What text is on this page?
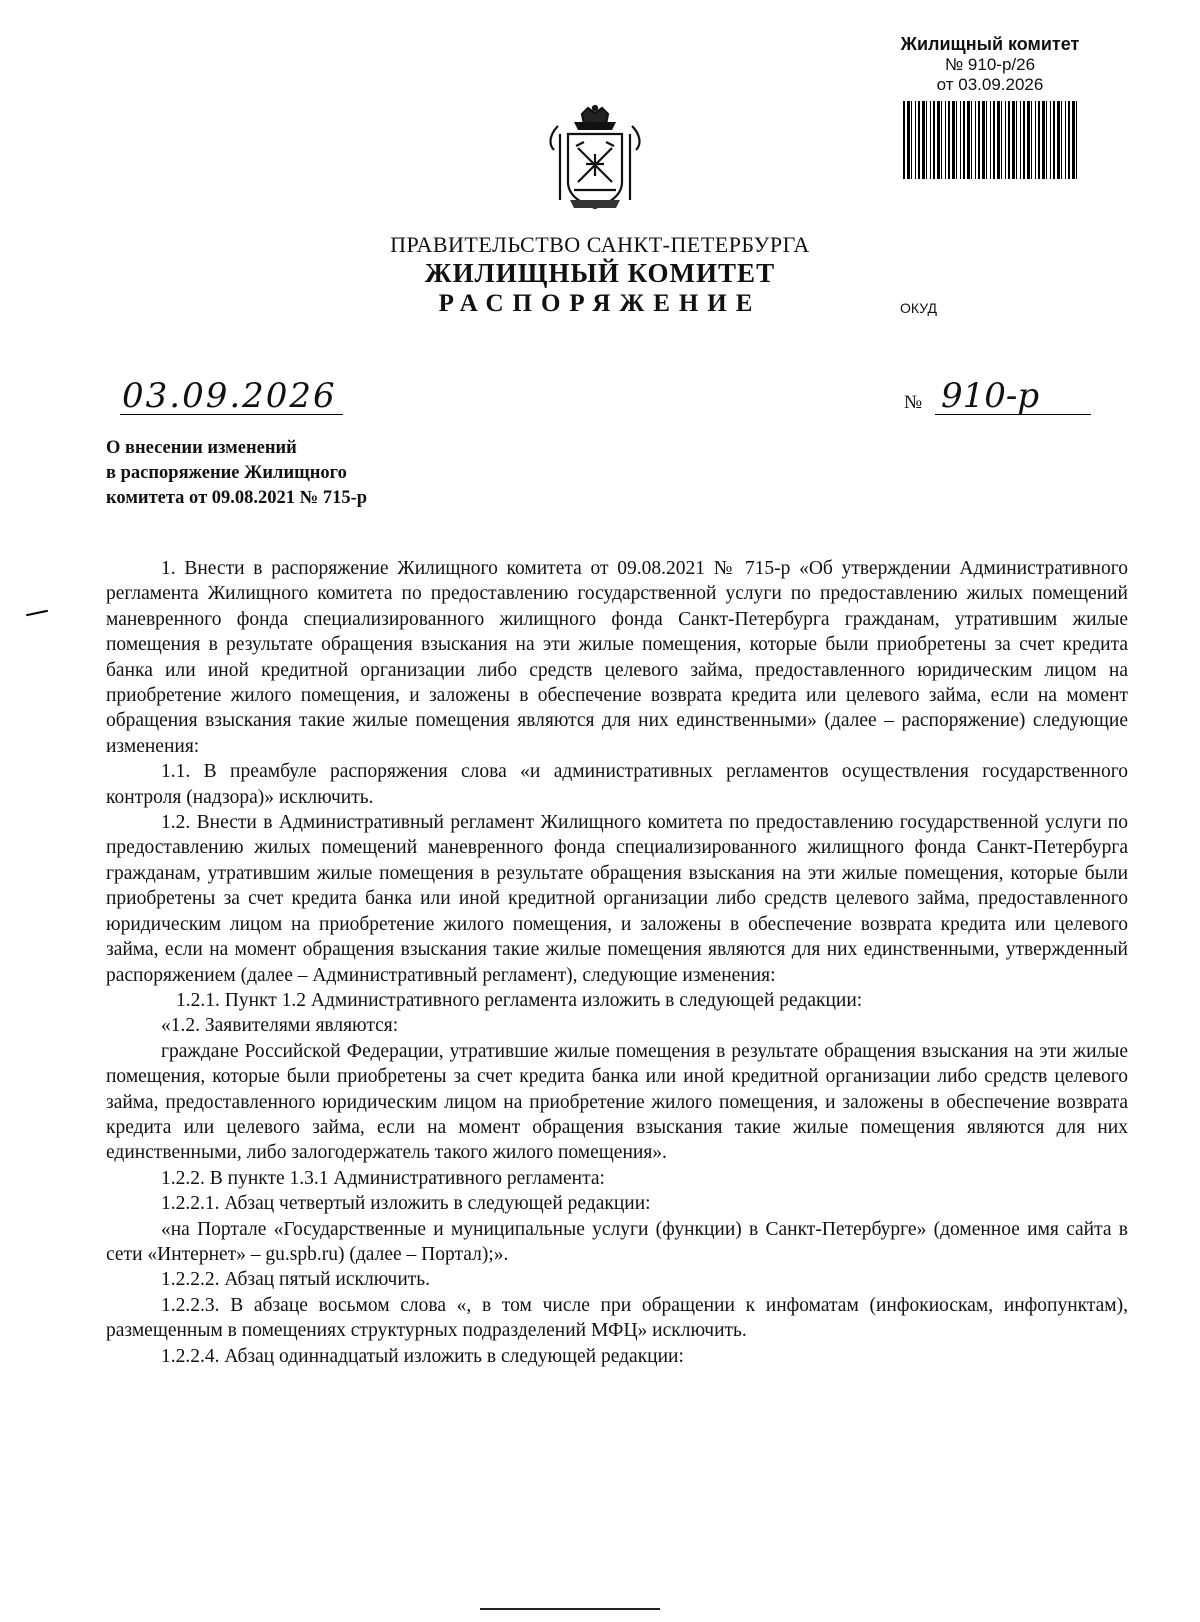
Жилищный комитет
№ 910-р/26
от 03.09.2026
ПРАВИТЕЛЬСТВО САНКТ-ПЕТЕРБУРГА
ЖИЛИЩНЫЙ КОМИТЕТ
РАСПОРЯЖЕНИЕ	ОКУД
03.09.2026	№ 910-р
О внесении изменений
в распоряжение Жилищного
комитета от 09.08.2021 № 715-р

1. Внести в распоряжение Жилищного комитета от 09.08.2021 № 715-р «Об утверждении Административного регламента Жилищного комитета по предоставлению государственной услуги по предоставлению жилых помещений маневренного фонда специализированного жилищного фонда Санкт-Петербурга гражданам, утратившим жилые помещения в результате обращения взыскания на эти жилые помещения, которые были приобретены за счет кредита банка или иной кредитной организации либо средств целевого займа, предоставленного юридическим лицом на приобретение жилого помещения, и заложены в обеспечение возврата кредита или целевого займа, если на момент обращения взыскания такие жилые помещения являются для них единственными» (далее – распоряжение) следующие изменения:

1.1. В преамбуле распоряжения слова «и административных регламентов осуществления государственного контроля (надзора)» исключить.

1.2. Внести в Административный регламент Жилищного комитета по предоставлению государственной услуги по предоставлению жилых помещений маневренного фонда специализированного жилищного фонда Санкт-Петербурга гражданам, утратившим жилые помещения в результате обращения взыскания на эти жилые помещения, которые были приобретены за счет кредита банка или иной кредитной организации либо средств целевого займа, предоставленного юридическим лицом на приобретение жилого помещения, и заложены в обеспечение возврата кредита или целевого займа, если на момент обращения взыскания такие жилые помещения являются для них единственными, утвержденный распоряжением (далее – Административный регламент), следующие изменения:

1.2.1. Пункт 1.2 Административного регламента изложить в следующей редакции:

«1.2. Заявителями являются:

граждане Российской Федерации, утратившие жилые помещения в результате обращения взыскания на эти жилые помещения, которые были приобретены за счет кредита банка или иной кредитной организации либо средств целевого займа, предоставленного юридическим лицом на приобретение жилого помещения, и заложены в обеспечение возврата кредита или целевого займа, если на момент обращения взыскания такие жилые помещения являются для них единственными, либо залогодержатель такого жилого помещения».

1.2.2. В пункте 1.3.1 Административного регламента:

1.2.2.1. Абзац четвертый изложить в следующей редакции:

«на Портале «Государственные и муниципальные услуги (функции) в Санкт-Петербурге» (доменное имя сайта в сети «Интернет» – gu.spb.ru) (далее – Портал);».

1.2.2.2. Абзац пятый исключить.

1.2.2.3. В абзаце восьмом слова «, в том числе при обращении к инфоматам (инфокиоскам, инфопунктам), размещенным в помещениях структурных подразделений МФЦ» исключить.

1.2.2.4. Абзац одиннадцатый изложить в следующей редакции:
